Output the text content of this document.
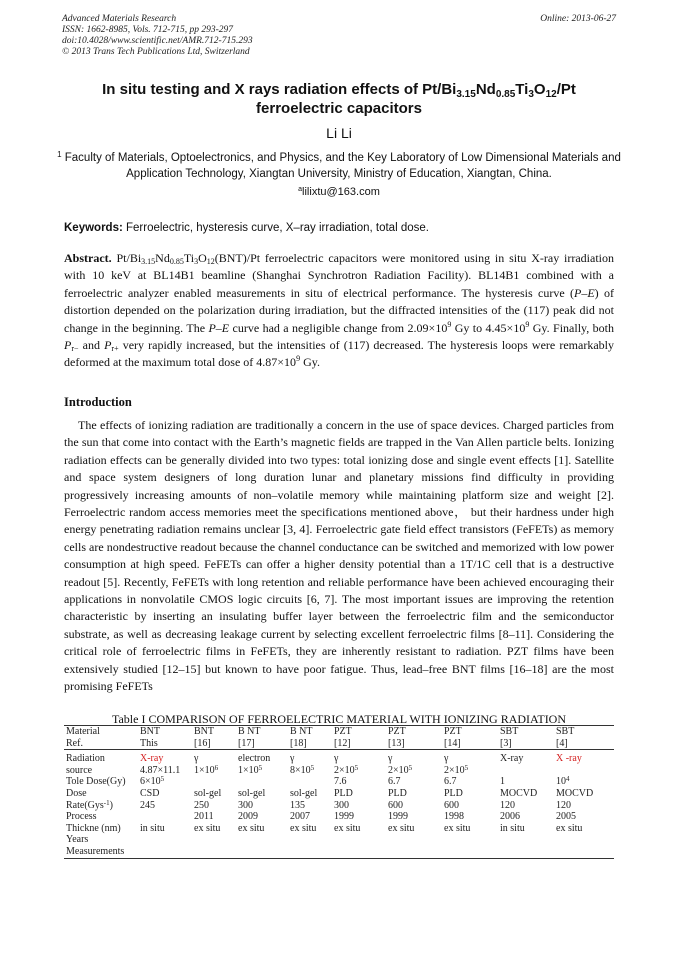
Advanced Materials Research
ISSN: 1662-8985, Vols. 712-715, pp 293-297
doi:10.4028/www.scientific.net/AMR.712-715.293
© 2013 Trans Tech Publications Ltd, Switzerland
Online: 2013-06-27
In situ testing and X rays radiation effects of $Pt/Bi_{3.15}Nd_{0.85}Ti_3O_{12}/Pt$
ferroelectric capacitors
Li Li
$^1$ Faculty of Materials, Optoelectronics, and Physics, and the Key Laboratory of Low Dimensional Materials and Application Technology, Xiangtan University, Ministry of Education, Xiangtan, China.
$^a$lilixtu@163.com
Keywords: Ferroelectric, hysteresis curve, X–ray irradiation, total dose.
Abstract. $Pt/Bi_{3.15}Nd_{0.85}Ti_3O_{12}(BNT)/Pt$ ferroelectric capacitors were monitored using in situ X-ray irradiation with 10 keV at BL14B1 beamline (Shanghai Synchrotron Radiation Facility). BL14B1 combined with a ferroelectric analyzer enabled measurements in situ of electrical performance. The hysteresis curve (P–E) of distortion depended on the polarization during irradiation, but the diffracted intensities of the (117) peak did not change in the beginning. The P–E curve had a negligible change from $2.09\times 10^9$ Gy to $4.45\times 10^9$ Gy. Finally, both $P_{r-}$ and $P_{r+}$ very rapidly increased, but the intensities of (117) decreased. The hysteresis loops were remarkably deformed at the maximum total dose of $4.87\times 10^9$ Gy.
Introduction

The effects of ionizing radiation are traditionally a concern in the use of space devices. Charged particles from the sun that come into contact with the Earth’s magnetic fields are trapped in the Van Allen particle belts. Ionizing radiation effects can be generally divided into two types: total ionizing dose and single event effects [1]. Satellite and space system designers of long duration lunar and planetary missions find difficulty in providing progressively increasing amounts of non–volatile memory while maintaining platform size and weight [2]. Ferroelectric random access memories meet the specifications mentioned above， but their hardness under high energy penetrating radiation remains unclear [3, 4]. Ferroelectric gate field effect transistors (FeFETs) as memory cells are nondestructive readout because the channel conductance can be switched and memorized with low power consumption at high speed. FeFETs can offer a higher density potential than a 1T/1C cell that is a destructive readout [5]. Recently, FeFETs with long retention and reliable performance have been achieved encouraging their applications in nonvolatile CMOS logic circuits [6, 7]. The most important issues are improving the retention characteristic by inserting an insulating buffer layer between the ferroelectric film and the semiconductor substrate, as well as decreasing leakage current by selecting excellent ferroelectric films [8–11]. Considering the critical role of ferroelectric films in FeFETs, they are inherently resistant to radiation. PZT films have been extensively studied [12–15] but known to have poor fatigue. Thus, lead–free BNT films [16–18] are the most promising FeFETs

Table I COMPARISON OF FERROELECTRIC MATERIAL WITH IONIZING RADIATION
Material	BNT	BNT	B NT	B NT	PZT	PZT	PZT	SBT	SBT
Ref.	This	[16]	[17]	[18]	[12]	[13]	[14]	[3]	[4]
Radiation	X-ray	γ	electron	γ	γ	γ	γ	X-ray	X -ray
source	4.87×11.1	$1\times 10^6$	$1\times 10^5$	$8\times 10^5$	$2\times 10^5$	$2\times 10^5$	$2\times 10^5$		
Tole Dose(Gy)	$6\times 10^5$				7.6	6.7	6.7	1	$10^4$
Dose	CSD	sol-gel	sol-gel	sol-gel	PLD	PLD	PLD	MOCVD	MOCVD
Rate(Gys$^{-1}$)	245	250	300	135	300	600	600	120	120
Process		2011	2009	2007	1999	1999	1998	2006	2005
Thickne (nm)	in situ	ex situ	ex situ	ex situ	ex situ	ex situ	ex situ	in situ	ex situ
Years									
Measurements									
